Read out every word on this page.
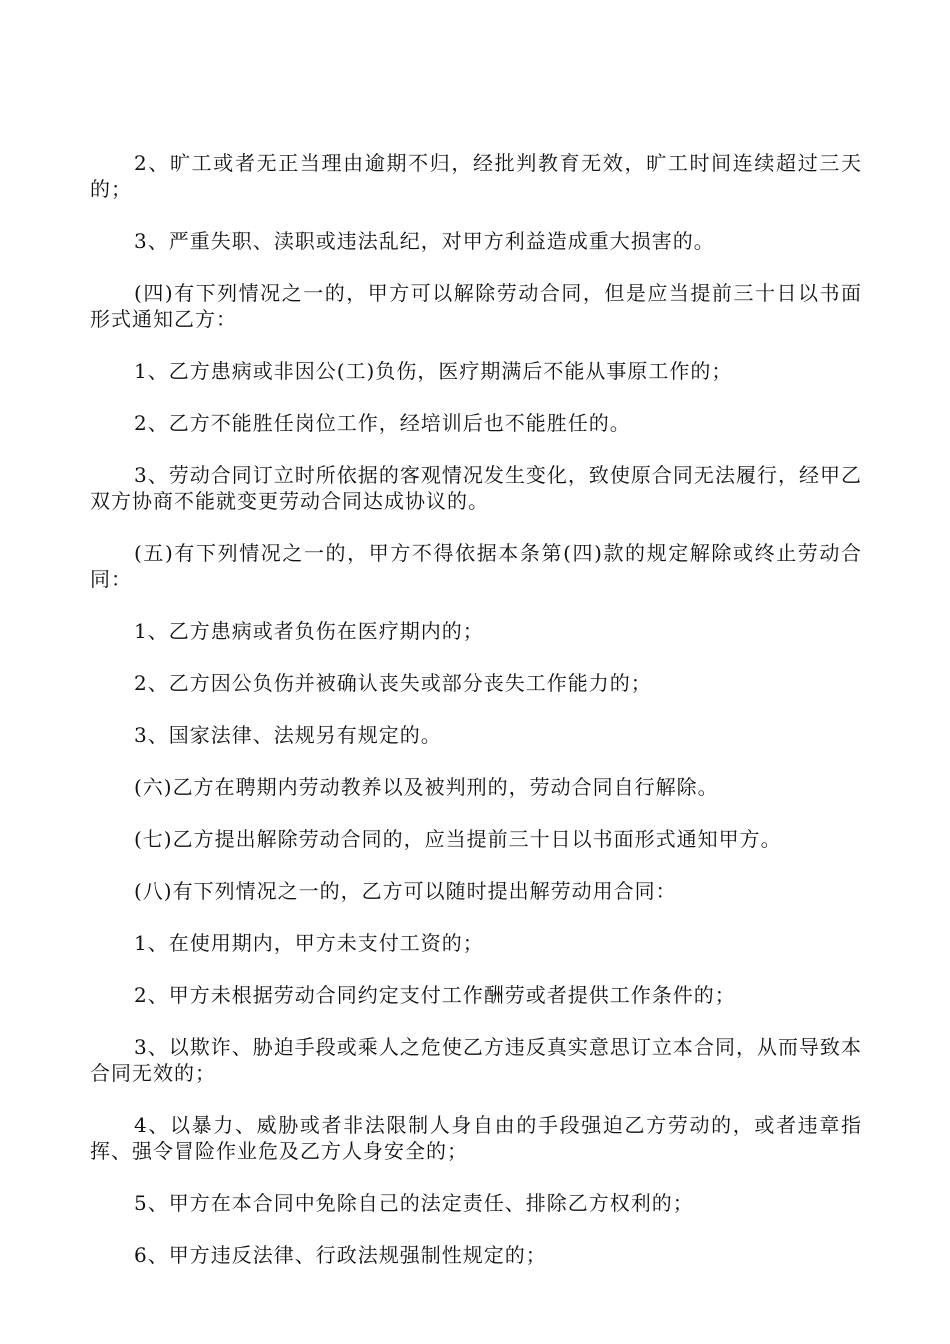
2、旷工或者无正当理由逾期不归，经批判教育无效，旷工时间连续超过三天的；

3、严重失职、渎职或违法乱纪，对甲方利益造成重大损害的。

(四)有下列情况之一的，甲方可以解除劳动合同，但是应当提前三十日以书面形式通知乙方：

1、乙方患病或非因公(工)负伤，医疗期满后不能从事原工作的；

2、乙方不能胜任岗位工作，经培训后也不能胜任的。

3、劳动合同订立时所依据的客观情况发生变化，致使原合同无法履行，经甲乙双方协商不能就变更劳动合同达成协议的。

(五)有下列情况之一的，甲方不得依据本条第(四)款的规定解除或终止劳动合同：

1、乙方患病或者负伤在医疗期内的；

2、乙方因公负伤并被确认丧失或部分丧失工作能力的；

3、国家法律、法规另有规定的。

(六)乙方在聘期内劳动教养以及被判刑的，劳动合同自行解除。

(七)乙方提出解除劳动合同的，应当提前三十日以书面形式通知甲方。

(八)有下列情况之一的，乙方可以随时提出解劳动用合同：

1、在使用期内，甲方未支付工资的；

2、甲方未根据劳动合同约定支付工作酬劳或者提供工作条件的；

3、以欺诈、胁迫手段或乘人之危使乙方违反真实意思订立本合同，从而导致本合同无效的；

4、以暴力、威胁或者非法限制人身自由的手段强迫乙方劳动的，或者违章指挥、强令冒险作业危及乙方人身安全的；

5、甲方在本合同中免除自己的法定责任、排除乙方权利的；

6、甲方违反法律、行政法规强制性规定的；
